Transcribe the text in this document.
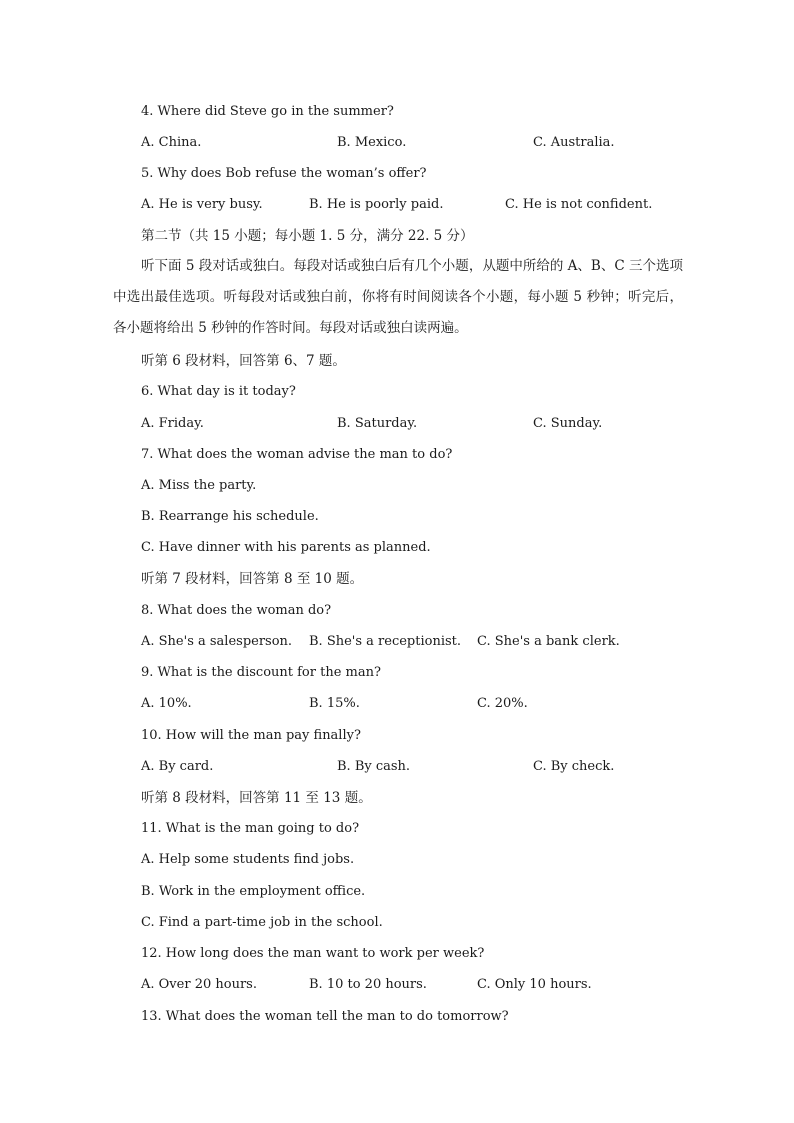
4. Where did Steve go in the summer?
A. China.	B. Mexico.	C. Australia.
5. Why does Bob refuse the woman’s offer?
A. He is very busy.	B. He is poorly paid.	C. He is not confident.
第二节（共 15 小题；每小题 1. 5 分，满分 22. 5 分）
听下面 5 段对话或独白。每段对话或独白后有几个小题，从题中所给的 A、B、C 三个选项中选出最佳选项。听每段对话或独白前，你将有时间阅读各个小题，每小题 5 秒钟；听完后，各小题将给出 5 秒钟的作答时间。每段对话或独白读两遍。
听第 6 段材料，回答第 6、7 题。
6. What day is it today?
A. Friday.	B. Saturday.	C. Sunday.
7. What does the woman advise the man to do?
A. Miss the party.
B. Rearrange his schedule.
C. Have dinner with his parents as planned.
听第 7 段材料，回答第 8 至 10 题。
8. What does the woman do?
A. She's a salesperson. B. She's a receptionist. C. She's a bank clerk.
9. What is the discount for the man?
A. 10%.	B. 15%.	C. 20%.
10. How will the man pay finally?
A. By card.	B. By cash.	C. By check.
听第 8 段材料，回答第 11 至 13 题。
11. What is the man going to do?
A. Help some students find jobs.
B. Work in the employment office.
C. Find a part-time job in the school.
12. How long does the man want to work per week?
A. Over 20 hours.	B. 10 to 20 hours.	C. Only 10 hours.
13. What does the woman tell the man to do tomorrow?
